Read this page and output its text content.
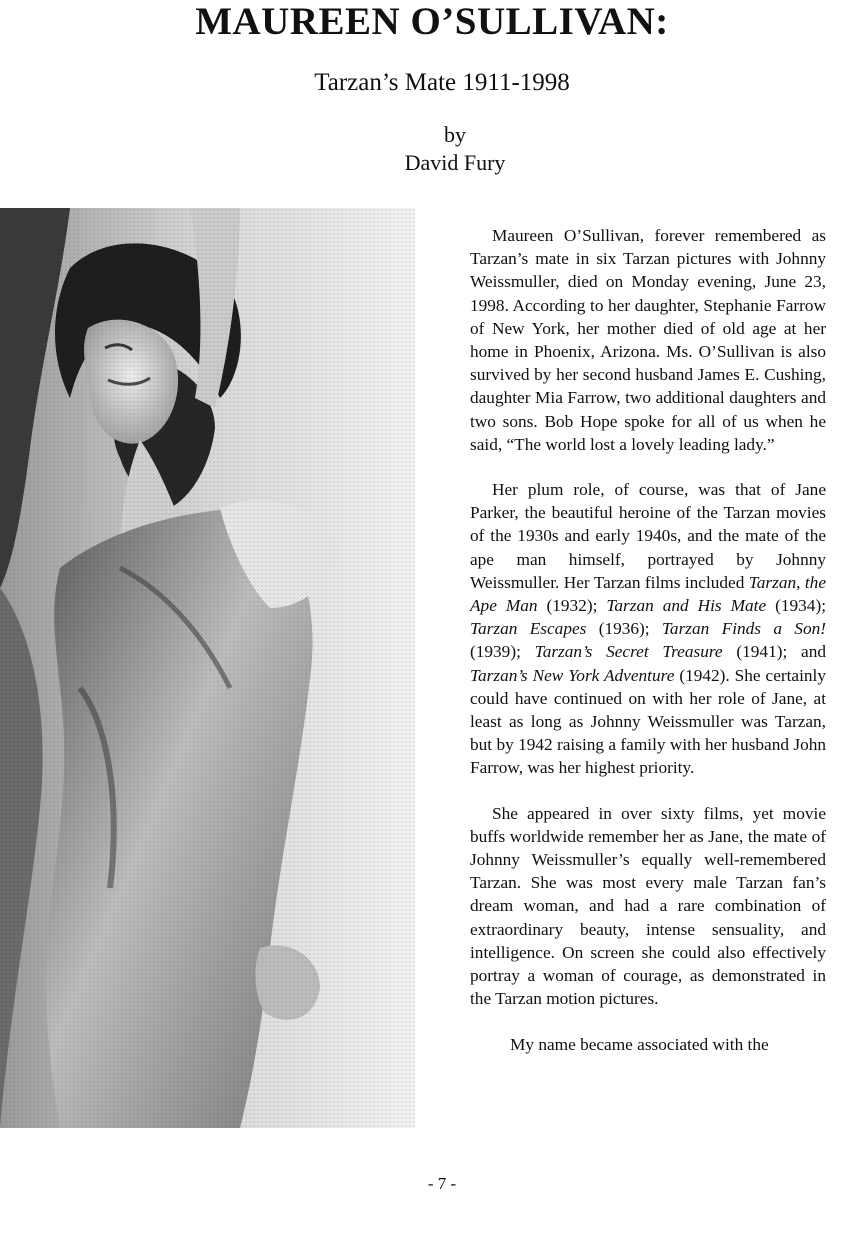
MAUREEN O’SULLIVAN:
Tarzan’s Mate 1911-1998
by
David Fury

Maureen O’Sullivan, forever remembered as Tarzan’s mate in six Tarzan pictures with Johnny Weissmuller, died on Monday evening, June 23, 1998. According to her daughter, Stephanie Farrow of New York, her mother died of old age at her home in Phoenix, Arizona. Ms. O’Sullivan is also survived by her second husband James E. Cushing, daughter Mia Farrow, two additional daughters and two sons. Bob Hope spoke for all of us when he said, “The world lost a lovely leading lady.”

Her plum role, of course, was that of Jane Parker, the beautiful heroine of the Tarzan movies of the 1930s and early 1940s, and the mate of the ape man himself, portrayed by Johnny Weissmuller. Her Tarzan films included Tarzan, the Ape Man (1932); Tarzan and His Mate (1934); Tarzan Escapes (1936); Tarzan Finds a Son! (1939); Tarzan’s Secret Treasure (1941); and Tarzan’s New York Adventure (1942). She certainly could have continued on with her role of Jane, at least as long as Johnny Weissmuller was Tarzan, but by 1942 raising a family with her husband John Farrow, was her highest priority.

She appeared in over sixty films, yet movie buffs worldwide remember her as Jane, the mate of Johnny Weissmuller’s equally well-remembered Tarzan. She was most every male Tarzan fan’s dream woman, and had a rare combination of extraordinary beauty, intense sensuality, and intelligence. On screen she could also effectively portray a woman of courage, as demonstrated in the Tarzan motion pictures.

My name became associated with the

- 7 -
